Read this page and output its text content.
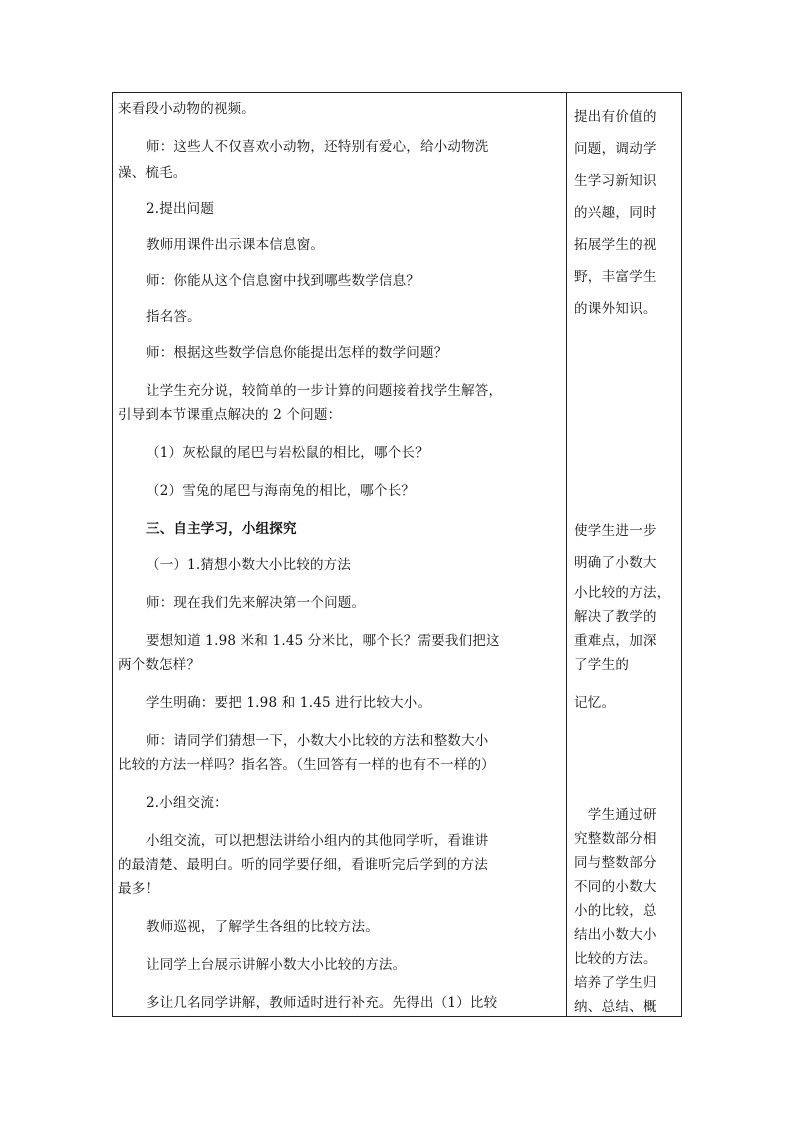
来看段小动物的视频。
师：这些人不仅喜欢小动物，还特别有爱心，给小动物洗
澡、梳毛。
2.提出问题
教师用课件出示课本信息窗。
师：你能从这个信息窗中找到哪些数学信息？
指名答。
师：根据这些数学信息你能提出怎样的数学问题？
让学生充分说，较简单的一步计算的问题接着找学生解答，
引导到本节课重点解决的 2 个问题：
（1）灰松鼠的尾巴与岩松鼠的相比，哪个长？
（2）雪兔的尾巴与海南兔的相比，哪个长？
三、自主学习，小组探究
（一）1.猜想小数大小比较的方法
师：现在我们先来解决第一个问题。
要想知道 1.98 米和 1.45 分米比，哪个长？需要我们把这
两个数怎样？
学生明确：要把 1.98 和 1.45 进行比较大小。
师：请同学们猜想一下，小数大小比较的方法和整数大小
比较的方法一样吗？指名答。（生回答有一样的也有不一样的）
2.小组交流：
小组交流，可以把想法讲给小组内的其他同学听，看谁讲
的最清楚、最明白。听的同学要仔细，看谁听完后学到的方法
最多！
教师巡视，了解学生各组的比较方法。
让同学上台展示讲解小数大小比较的方法。
多让几名同学讲解，教师适时进行补充。先得出（1）比较
提出有价值的
问题，调动学
生学习新知识
的兴趣，同时
拓展学生的视
野，丰富学生
的课外知识。
使学生进一步
明确了小数大
小比较的方法，
解决了教学的
重难点，加深
了学生的
记忆。
　学生通过研
究整数部分相
同与整数部分
不同的小数大
小的比较，总
结出小数大小
比较的方法。
培养了学生归
纳、总结、概
